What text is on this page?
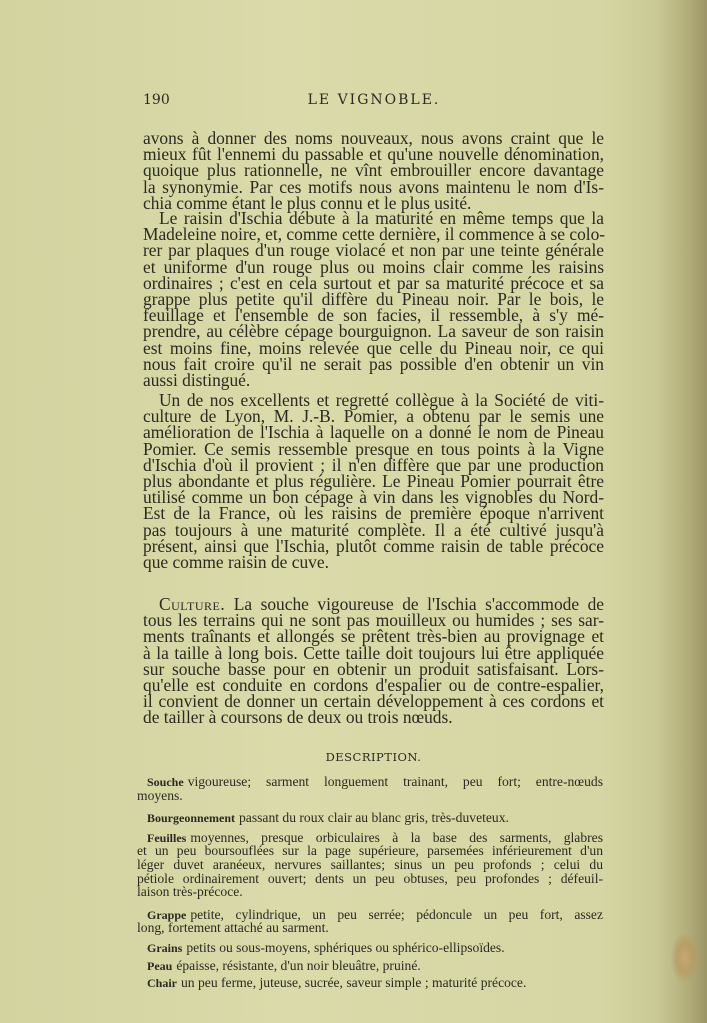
190	LE VIGNOBLE.
avons à donner des noms nouveaux, nous avons craint que le
mieux fût l'ennemi du passable et qu'une nouvelle dénomination,
quoique plus rationnelle, ne vînt embrouiller encore davantage
la synonymie. Par ces motifs nous avons maintenu le nom d'Is-
chia comme étant le plus connu et le plus usité.
Le raisin d'Ischia débute à la maturité en même temps que la
Madeleine noire, et, comme cette dernière, il commence à se colo-
rer par plaques d'un rouge violacé et non par une teinte générale
et uniforme d'un rouge plus ou moins clair comme les raisins
ordinaires ; c'est en cela surtout et par sa maturité précoce et sa
grappe plus petite qu'il diffère du Pineau noir. Par le bois, le
feuillage et l'ensemble de son facies, il ressemble, à s'y mé-
prendre, au célèbre cépage bourguignon. La saveur de son raisin
est moins fine, moins relevée que celle du Pineau noir, ce qui
nous fait croire qu'il ne serait pas possible d'en obtenir un vin
aussi distingué.
Un de nos excellents et regretté collègue à la Société de viti-
culture de Lyon, M. J.-B. Pomier, a obtenu par le semis une
amélioration de l'Ischia à laquelle on a donné le nom de Pineau
Pomier. Ce semis ressemble presque en tous points à la Vigne
d'Ischia d'où il provient ; il n'en diffère que par une production
plus abondante et plus régulière. Le Pineau Pomier pourrait être
utilisé comme un bon cépage à vin dans les vignobles du Nord-
Est de la France, où les raisins de première époque n'arrivent
pas toujours à une maturité complète. Il a été cultivé jusqu'à
présent, ainsi que l'Ischia, plutôt comme raisin de table précoce
que comme raisin de cuve.
Culture. La souche vigoureuse de l'Ischia s'accommode de
tous les terrains qui ne sont pas mouilleux ou humides ; ses sar-
ments traînants et allongés se prêtent très-bien au provignage et
à la taille à long bois. Cette taille doit toujours lui être appliquée
sur souche basse pour en obtenir un produit satisfaisant. Lors-
qu'elle est conduite en cordons d'espalier ou de contre-espalier,
il convient de donner un certain développement à ces cordons et
de tailler à coursons de deux ou trois nœuds.
DESCRIPTION.
Souche vigoureuse; sarment longuement trainant, peu fort; entre-nœuds
moyens.
Bourgeonnement passant du roux clair au blanc gris, très-duveteux.
Feuilles moyennes, presque orbiculaires à la base des sarments, glabres
et un peu boursouflées sur la page supérieure, parsemées inférieurement d'un
léger duvet aranéeux, nervures saillantes; sinus un peu profonds ; celui du
pétiole ordinairement ouvert; dents un peu obtuses, peu profondes ; défeuil-
laison très-précoce.
Grappe petite, cylindrique, un peu serrée; pédoncule un peu fort, assez
long, fortement attaché au sarment.
Grains petits ou sous-moyens, sphériques ou sphérico-ellipsoïdes.
Peau épaisse, résistante, d'un noir bleuâtre, pruiné.
Chair un peu ferme, juteuse, sucrée, saveur simple ; maturité précoce.
